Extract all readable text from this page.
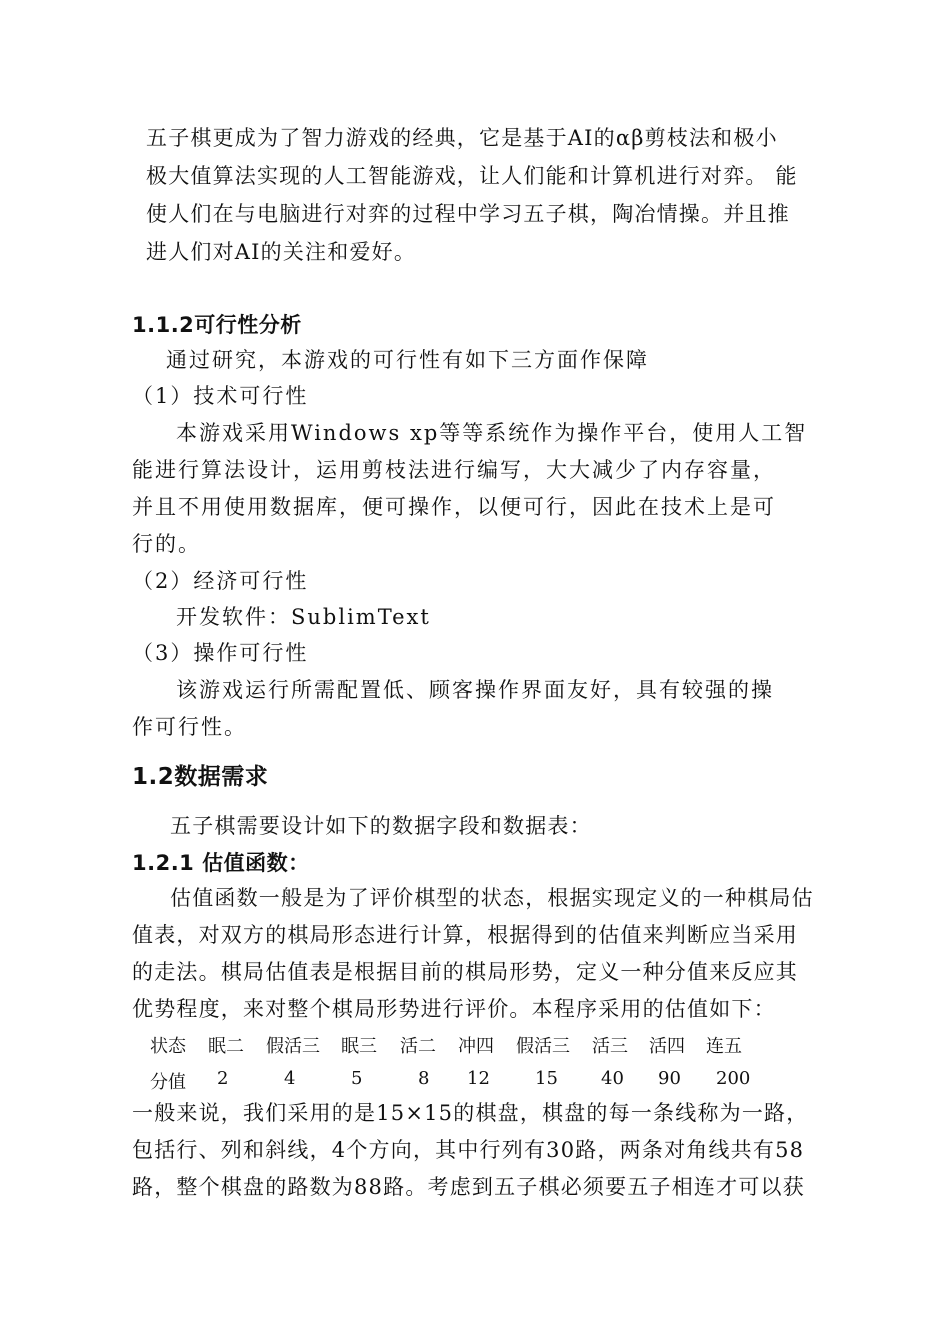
五子棋更成为了智力游戏的经典，它是基于AI的αβ剪枝法和极小
极大值算法实现的人工智能游戏，让人们能和计算机进行对弈。 能
使人们在与电脑进行对弈的过程中学习五子棋，陶冶情操。并且推
进人们对AI的关注和爱好。
1.1.2可行性分析
通过研究，本游戏的可行性有如下三方面作保障
（1）技术可行性
本游戏采用Windows xp等等系统作为操作平台，使用人工智
能进行算法设计，运用剪枝法进行编写，大大减少了内存容量，
并且不用使用数据库，便可操作，以便可行，因此在技术上是可
行的。
（2）经济可行性
开发软件：SublimText
（3）操作可行性
该游戏运行所需配置低、顾客操作界面友好，具有较强的操
作可行性。
1.2数据需求
五子棋需要设计如下的数据字段和数据表：
1.2.1 估值函数：
估值函数一般是为了评价棋型的状态，根据实现定义的一种棋局估
值表，对双方的棋局形态进行计算，根据得到的估值来判断应当采用
的走法。棋局估值表是根据目前的棋局形势，定义一种分值来反应其
优势程度，来对整个棋局形势进行评价。本程序采用的估值如下：
状态 眠二 假活三 眠三 活二 冲四 假活三 活三 活四 连五
分值 2	4	5	8 12	15 40 90 200
一般来说，我们采用的是15×15的棋盘，棋盘的每一条线称为一路，
包括行、列和斜线，4个方向，其中行列有30路，两条对角线共有58
路，整个棋盘的路数为88路。考虑到五子棋必须要五子相连才可以获
